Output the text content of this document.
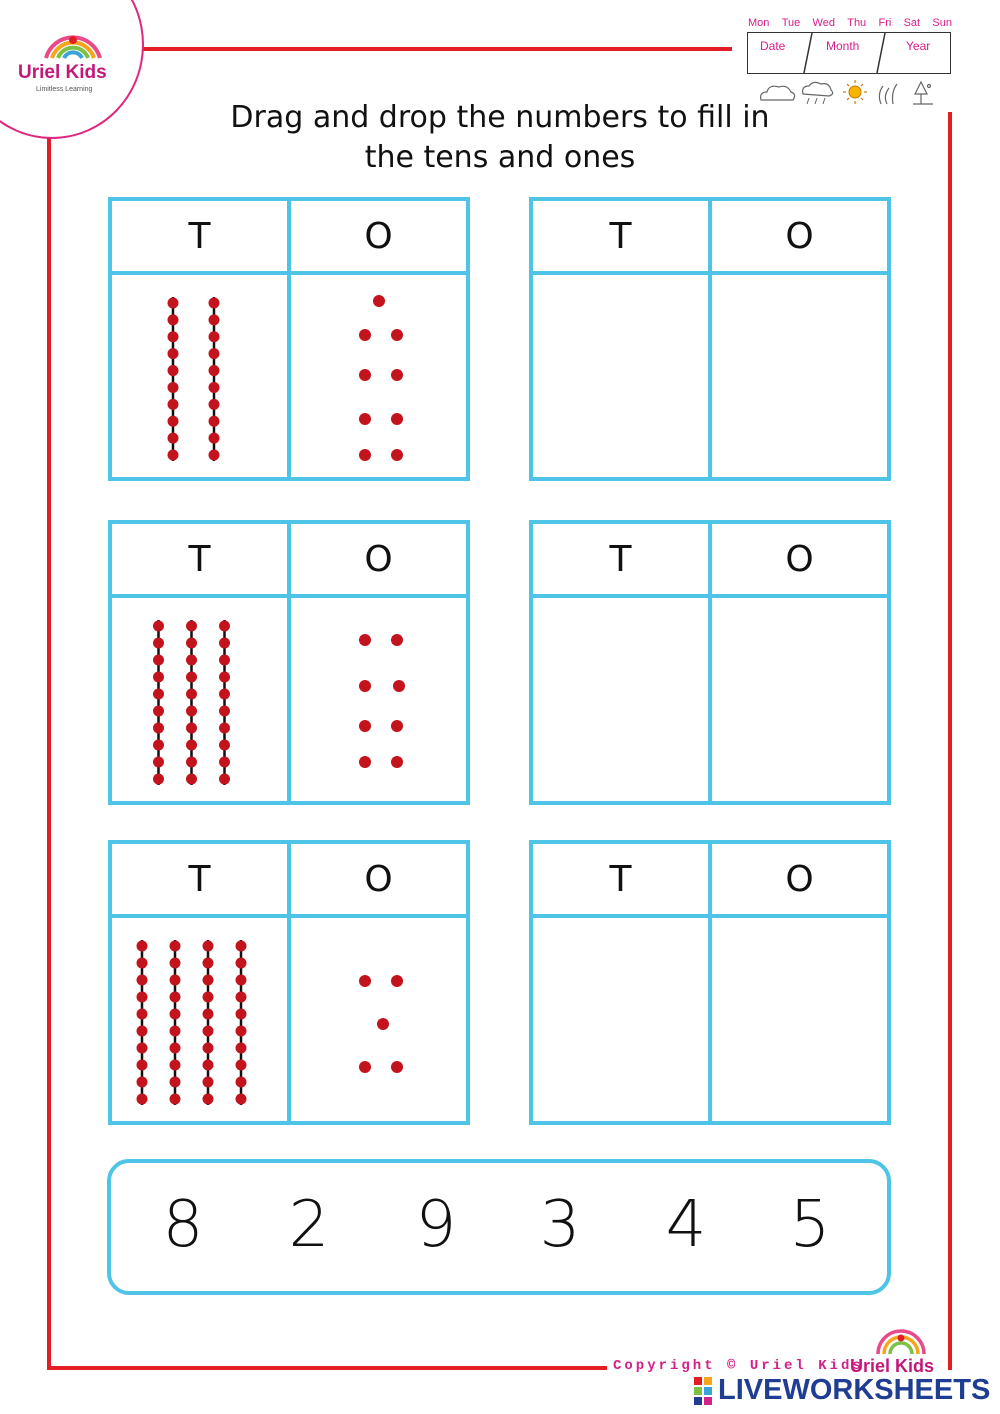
Uriel Kids
Limitless Learning
Mon Tue Wed Thu Fri Sat Sun
Date	Month	Year
Drag and drop the numbers to fill in
the tens and ones
T	O
T	O
T	O
T	O
T	O
T	O
8 2 9 3 4 5
Copyright © Uriel Kids
Uriel Kids
LIVEWORKSHEETS
